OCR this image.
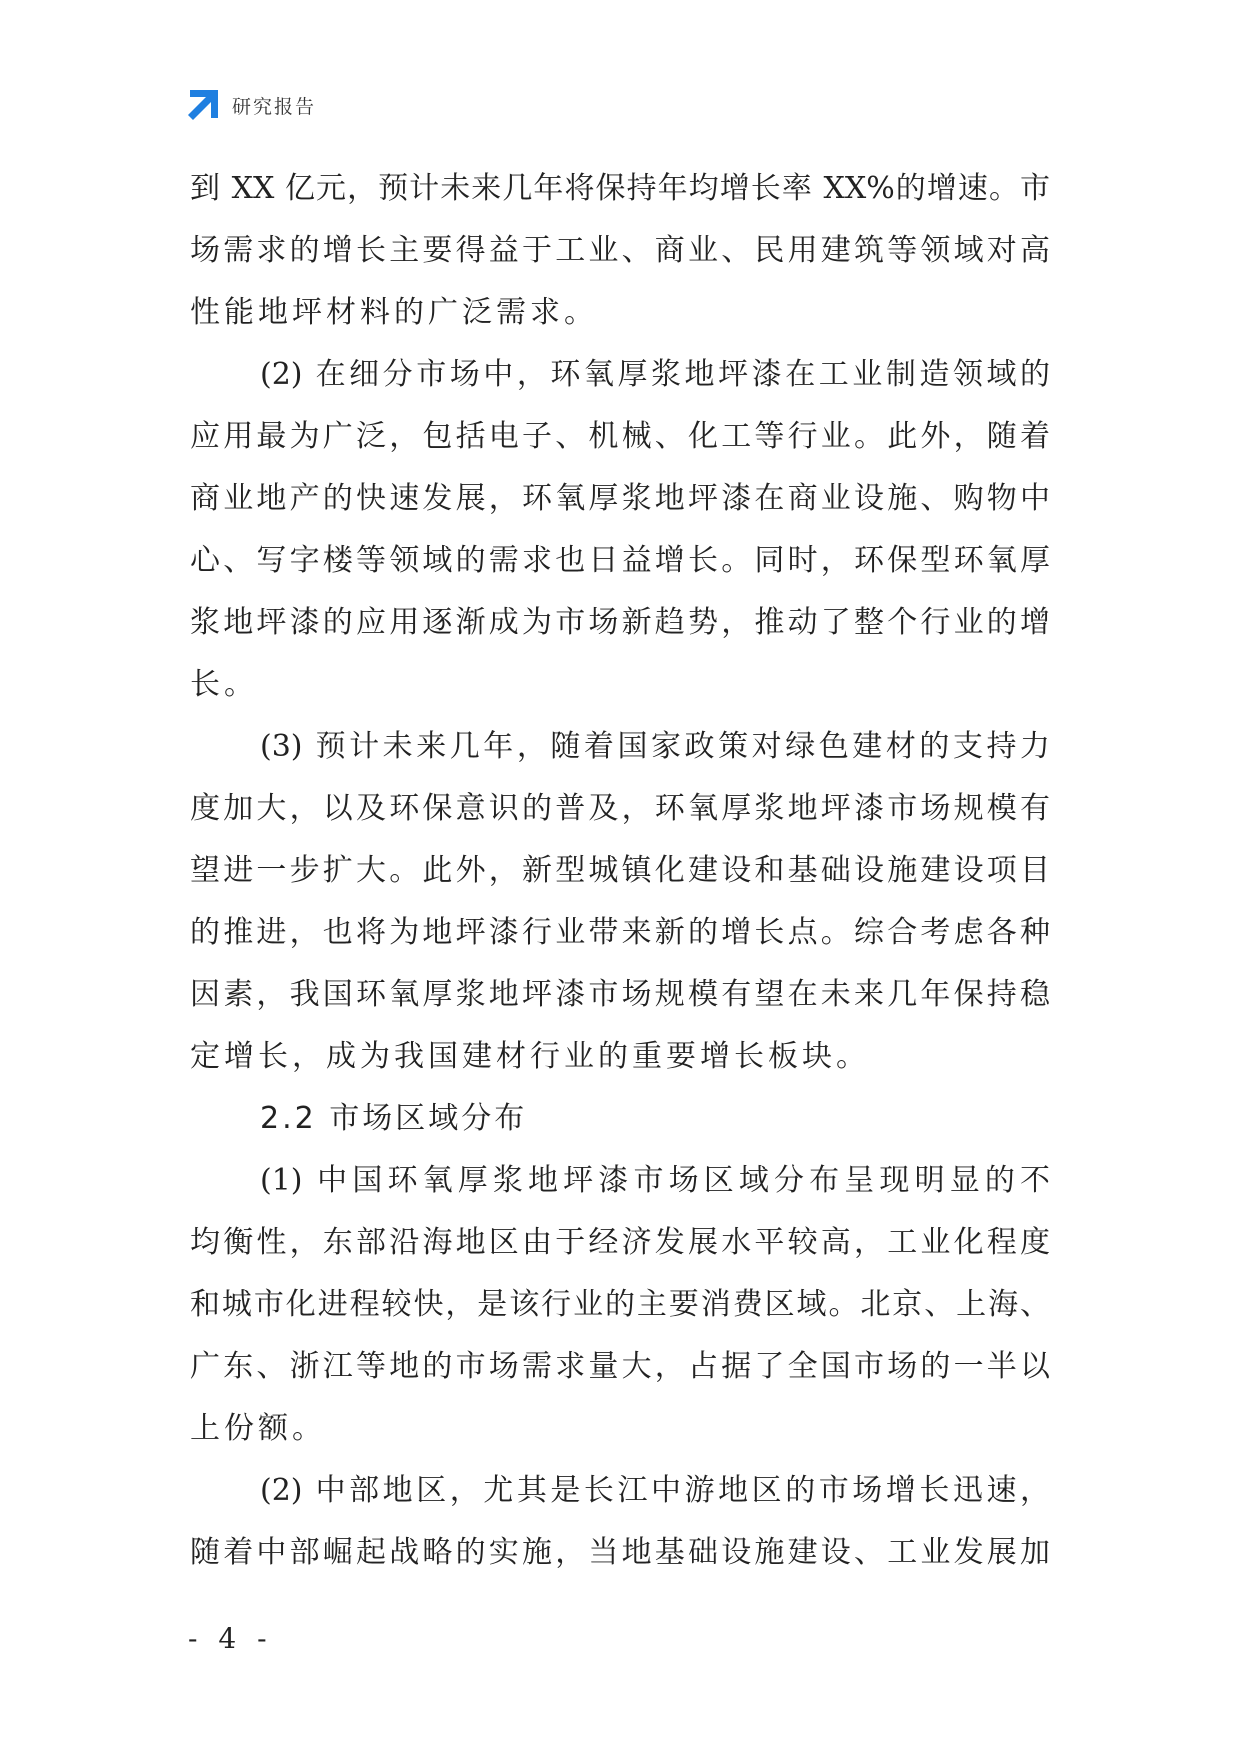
研究报告
到 XX 亿元，预计未来几年将保持年均增长率 XX%的增速。市
场需求的增长主要得益于工业、商业、民用建筑等领域对高
性能地坪材料的广泛需求。
(2) 在细分市场中，环氧厚浆地坪漆在工业制造领域的
应用最为广泛，包括电子、机械、化工等行业。此外，随着
商业地产的快速发展，环氧厚浆地坪漆在商业设施、购物中
心、写字楼等领域的需求也日益增长。同时，环保型环氧厚
浆地坪漆的应用逐渐成为市场新趋势，推动了整个行业的增
长。
(3) 预计未来几年，随着国家政策对绿色建材的支持力
度加大，以及环保意识的普及，环氧厚浆地坪漆市场规模有
望进一步扩大。此外，新型城镇化建设和基础设施建设项目
的推进，也将为地坪漆行业带来新的增长点。综合考虑各种
因素，我国环氧厚浆地坪漆市场规模有望在未来几年保持稳
定增长，成为我国建材行业的重要增长板块。
2.2 市场区域分布
(1) 中国环氧厚浆地坪漆市场区域分布呈现明显的不
均衡性，东部沿海地区由于经济发展水平较高，工业化程度
和城市化进程较快，是该行业的主要消费区域。北京、上海、
广东、浙江等地的市场需求量大，占据了全国市场的一半以
上份额。
(2) 中部地区，尤其是长江中游地区的市场增长迅速，
随着中部崛起战略的实施，当地基础设施建设、工业发展加
- 4 -
